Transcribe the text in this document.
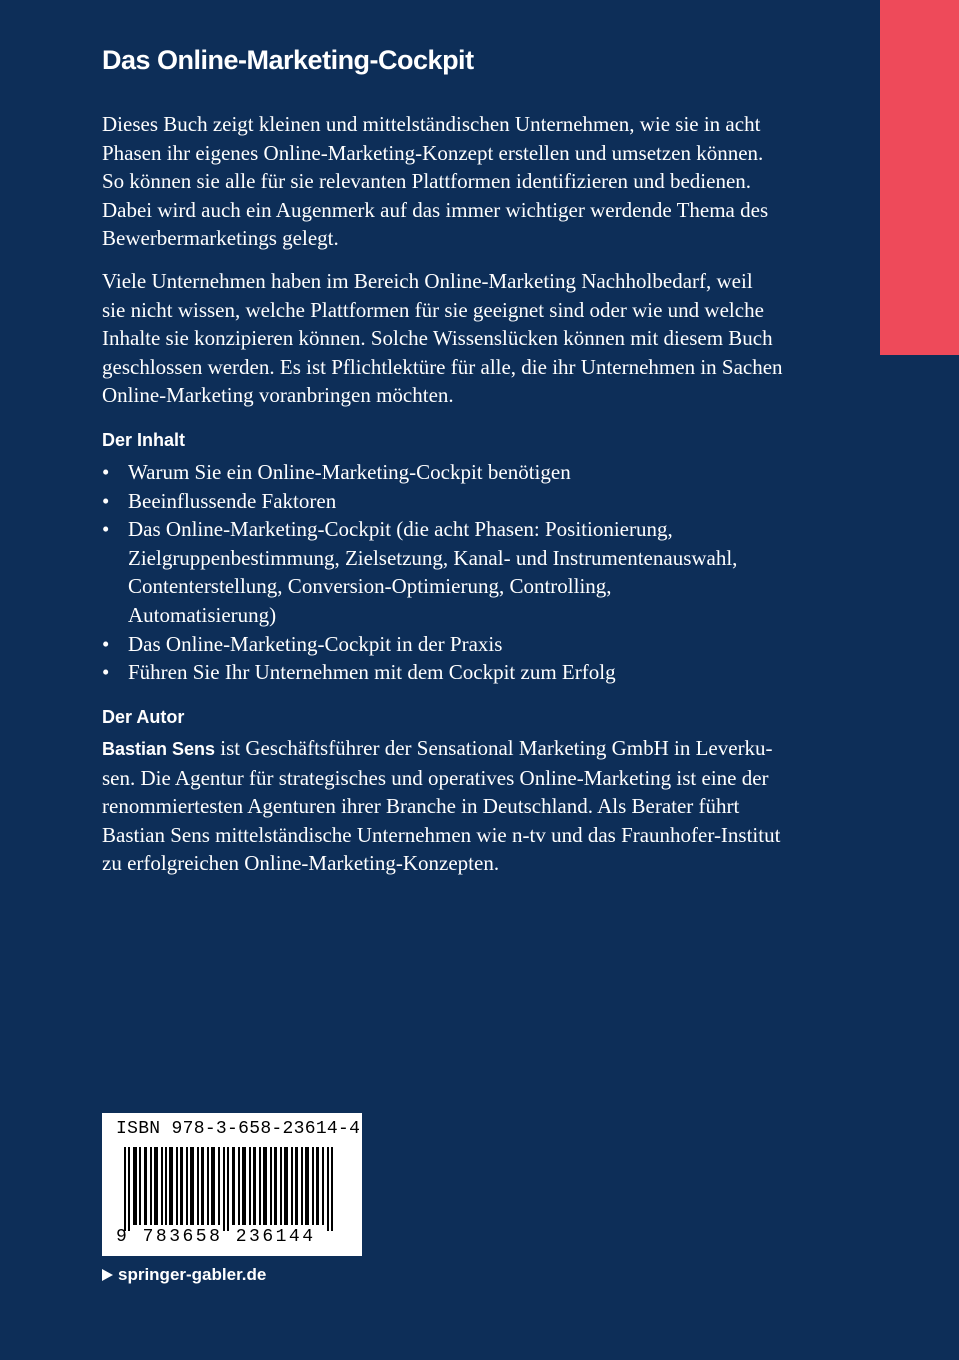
Das Online-Marketing-Cockpit

Dieses Buch zeigt kleinen und mittelständischen Unternehmen, wie sie in acht
Phasen ihr eigenes Online-Marketing-Konzept erstellen und umsetzen können.
So können sie alle für sie relevanten Plattformen identifizieren und bedienen.
Dabei wird auch ein Augenmerk auf das immer wichtiger werdende Thema des
Bewerbermarketings gelegt.

Viele Unternehmen haben im Bereich Online-Marketing Nachholbedarf, weil
sie nicht wissen, welche Plattformen für sie geeignet sind oder wie und welche
Inhalte sie konzipieren können. Solche Wissenslücken können mit diesem Buch
geschlossen werden. Es ist Pflichtlektüre für alle, die ihr Unternehmen in Sachen
Online-Marketing voranbringen möchten.

Der Inhalt
• Warum Sie ein Online-Marketing-Cockpit benötigen
• Beeinflussende Faktoren
• Das Online-Marketing-Cockpit (die acht Phasen: Positionierung,
Zielgruppenbestimmung, Zielsetzung, Kanal- und Instrumentenauswahl,
Contenterstellung, Conversion-Optimierung, Controlling,
Automatisierung)
• Das Online-Marketing-Cockpit in der Praxis
• Führen Sie Ihr Unternehmen mit dem Cockpit zum Erfolg
Der Autor

Bastian Sens ist Geschäftsführer der Sensational Marketing GmbH in Leverku-
sen. Die Agentur für strategisches und operatives Online-Marketing ist eine der
renommiertesten Agenturen ihrer Branche in Deutschland. Als Berater führt
Bastian Sens mittelständische Unternehmen wie n-tv und das Fraunhofer-Institut
zu erfolgreichen Online-Marketing-Konzepten.

ISBN 978-3-658-23614-4
9 783658 236144
springer-gabler.de
